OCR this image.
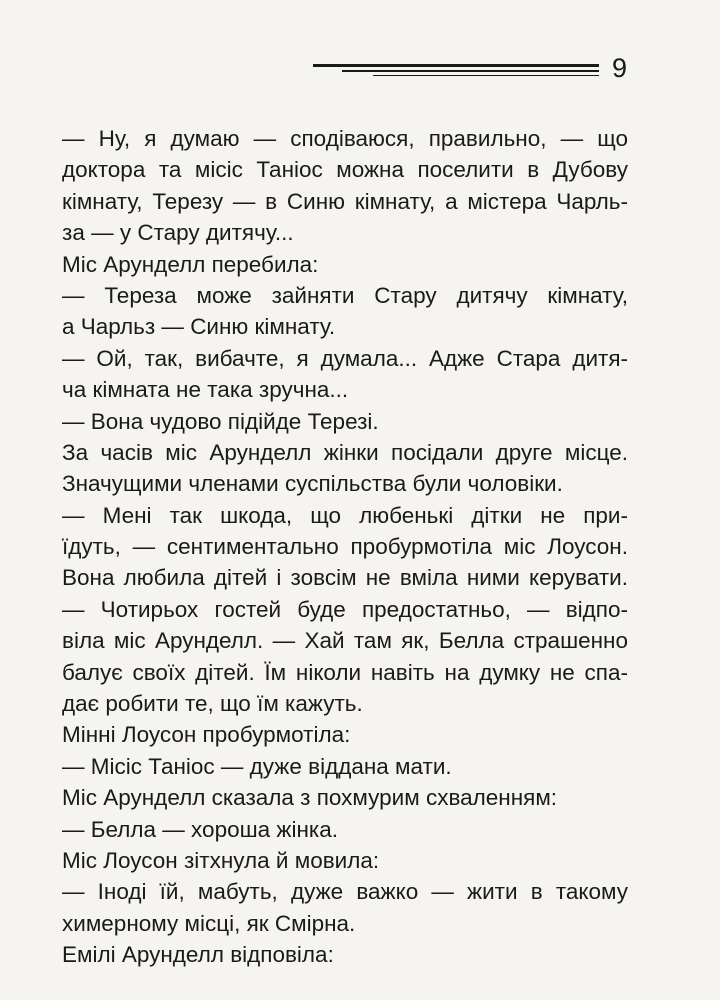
9
— Ну, я думаю — сподіваюся, правильно, — що
доктора та місіс Таніос можна поселити в Дубову
кімнату, Терезу — в Синю кімнату, а містера Чарль-
за — у Стару дитячу...
Міс Арунделл перебила:
— Тереза може зайняти Стару дитячу кімнату,
а Чарльз — Синю кімнату.
— Ой, так, вибачте, я думала... Адже Стара дитя-
ча кімната не така зручна...
— Вона чудово підійде Терезі.
За часів міс Арунделл жінки посідали друге місце.
Значущими членами суспільства були чоловіки.
— Мені так шкода, що любенькі дітки не при-
їдуть, — сентиментально пробурмотіла міс Лоусон.
Вона любила дітей і зовсім не вміла ними керувати.
— Чотирьох гостей буде предостатньо, — відпо-
віла міс Арунделл. — Хай там як, Белла страшенно
балує своїх дітей. Їм ніколи навіть на думку не спа-
дає робити те, що їм кажуть.
Мінні Лоусон пробурмотіла:
— Місіс Таніос — дуже віддана мати.
Міс Арунделл сказала з похмурим схваленням:
— Белла — хороша жінка.
Міс Лоусон зітхнула й мовила:
— Іноді їй, мабуть, дуже важко — жити в такому
химерному місці, як Смірна.
Емілі Арунделл відповіла:
